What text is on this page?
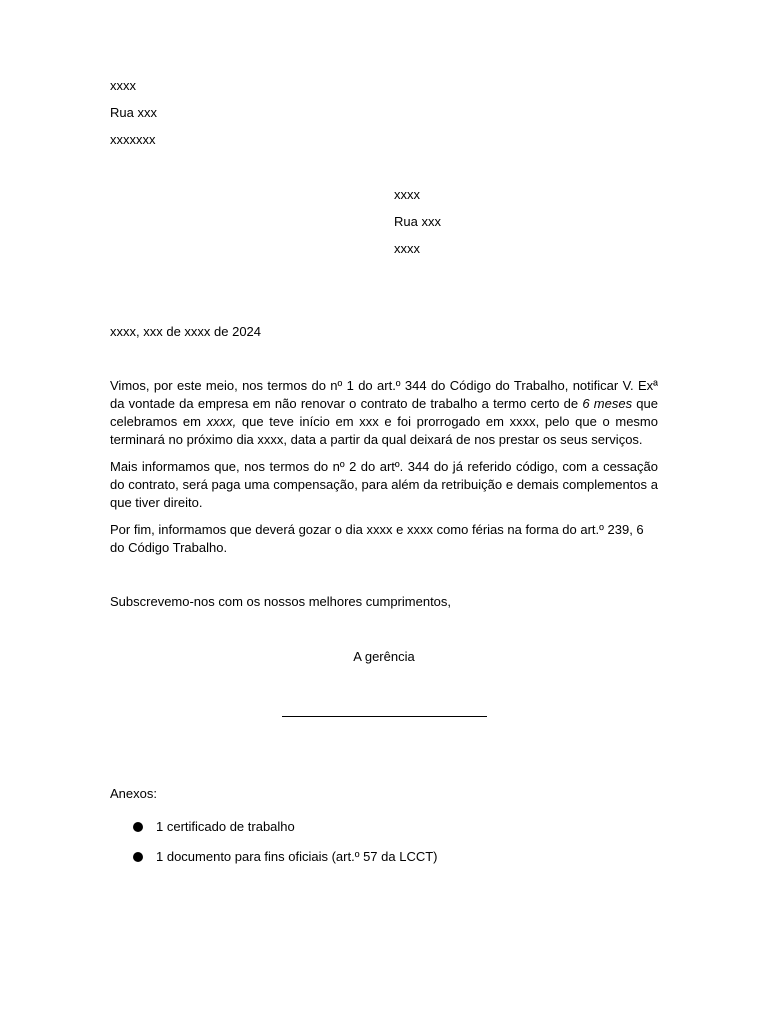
xxxx
Rua xxx
xxxxxxx
xxxx
Rua xxx
xxxx
xxxx, xxx de xxxx de 2024

Vimos, por este meio, nos termos do nº 1 do art.º 344 do Código do Trabalho, notificar V. Exª da vontade da empresa em não renovar o contrato de trabalho a termo certo de 6 meses que celebramos em xxxx, que teve início em xxx e foi prorrogado em xxxx, pelo que o mesmo terminará no próximo dia xxxx, data a partir da qual deixará de nos prestar os seus serviços.

Mais informamos que, nos termos do nº 2 do artº. 344 do já referido código, com a cessação do contrato, será paga uma compensação, para além da retribuição e demais complementos a que tiver direito.

Por fim, informamos que deverá gozar o dia xxxx e xxxx como férias na forma do art.º 239, 6 do Código Trabalho.

Subscrevemo-nos com os nossos melhores cumprimentos,
A gerência
Anexos:
1 certificado de trabalho
1 documento para fins oficiais (art.º 57 da LCCT)
